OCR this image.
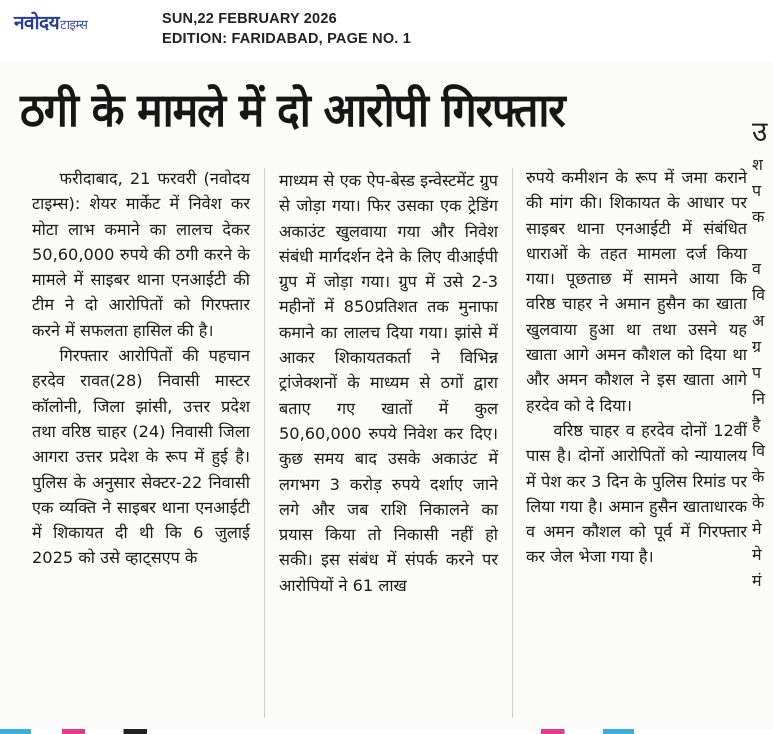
नवोदयटाइम्स	SUN,22 FEBRUARY 2026
EDITION: FARIDABAD, PAGE NO. 1
ठगी के मामले में दो आरोपी गिरफ्तार

फरीदाबाद, 21 फरवरी (नवोदय टाइम्स): शेयर मार्केट में निवेश कर मोटा लाभ कमाने का लालच देकर 50,60,000 रुपये की ठगी करने के मामले में साइबर थाना एनआईटी की टीम ने दो आरोपितों को गिरफ्तार करने में सफलता हासिल की है।

गिरफ्तार आरोपितों की पहचान हरदेव रावत(28) निवासी मास्टर कॉलोनी, जिला झांसी, उत्तर प्रदेश तथा वरिष्ठ चाहर (24) निवासी जिला आगरा उत्तर प्रदेश के रूप में हुई है। पुलिस के अनुसार सेक्टर-22 निवासी एक व्यक्ति ने साइबर थाना एनआईटी में शिकायत दी थी कि 6 जुलाई 2025 को उसे व्हाट्सएप के

माध्यम से एक ऐप-बेस्ड इन्वेस्टमेंट ग्रुप से जोड़ा गया। फिर उसका एक ट्रेडिंग अकाउंट खुलवाया गया और निवेश संबंधी मार्गदर्शन देने के लिए वीआईपी ग्रुप में जोड़ा गया। ग्रुप में उसे 2-3 महीनों में 850प्रतिशत तक मुनाफा कमाने का लालच दिया गया। झांसे में आकर शिकायतकर्ता ने विभिन्न ट्रांजेक्शनों के माध्यम से ठगों द्वारा बताए गए खातों में कुल 50,60,000 रुपये निवेश कर दिए। कुछ समय बाद उसके अकाउंट में लगभग 3 करोड़ रुपये दर्शाए जाने लगे और जब राशि निकालने का प्रयास किया तो निकासी नहीं हो सकी। इस संबंध में संपर्क करने पर आरोपियों ने 61 लाख

रुपये कमीशन के रूप में जमा कराने की मांग की। शिकायत के आधार पर साइबर थाना एनआईटी में संबंधित धाराओं के तहत मामला दर्ज किया गया। पूछताछ में सामने आया कि वरिष्ठ चाहर ने अमान हुसैन का खाता खुलवाया हुआ था तथा उसने यह खाता आगे अमन कौशल को दिया था और अमन कौशल ने इस खाता आगे हरदेव को दे दिया।

वरिष्ठ चाहर व हरदेव दोनों 12वीं पास है। दोनों आरोपितों को न्यायालय में पेश कर 3 दिन के पुलिस रिमांड पर लिया गया है। अमान हुसैन खाताधारक व अमन कौशल को पूर्व में गिरफ्तार कर जेल भेजा गया है।

उ
श
प
क

व
वि
अ
ग्र
प
नि
है
वि
के
के
मे
मे
मं
